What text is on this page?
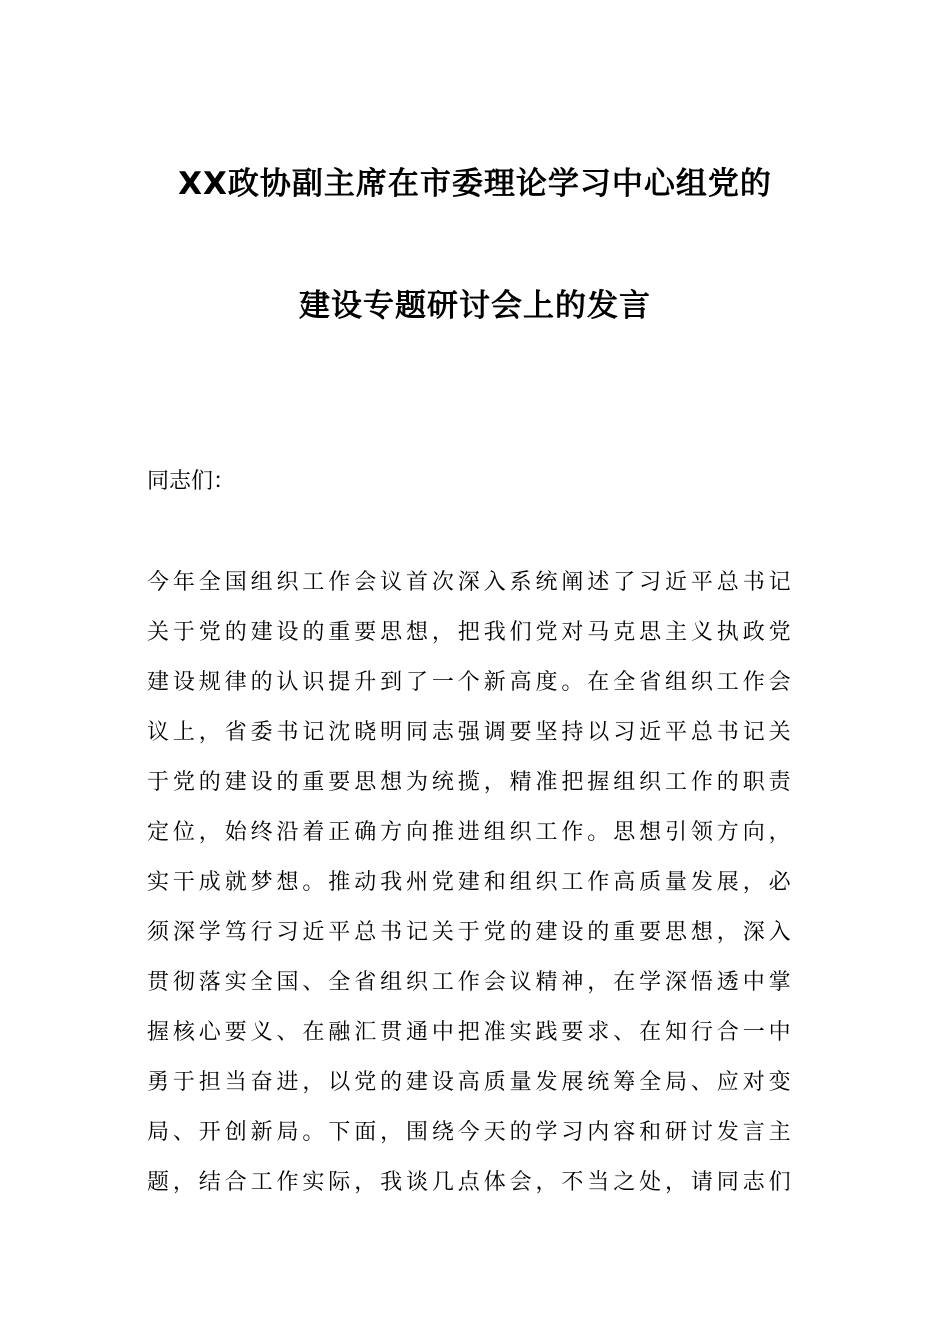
XX政协副主席在市委理论学习中心组党的
建设专题研讨会上的发言
同志们：
今年全国组织工作会议首次深入系统阐述了习近平总书记
关于党的建设的重要思想，把我们党对马克思主义执政党
建设规律的认识提升到了一个新高度。在全省组织工作会
议上，省委书记沈晓明同志强调要坚持以习近平总书记关
于党的建设的重要思想为统揽，精准把握组织工作的职责
定位，始终沿着正确方向推进组织工作。思想引领方向，
实干成就梦想。推动我州党建和组织工作高质量发展，必
须深学笃行习近平总书记关于党的建设的重要思想，深入
贯彻落实全国、全省组织工作会议精神，在学深悟透中掌
握核心要义、在融汇贯通中把准实践要求、在知行合一中
勇于担当奋进，以党的建设高质量发展统筹全局、应对变
局、开创新局。下面，围绕今天的学习内容和研讨发言主
题，结合工作实际，我谈几点体会，不当之处，请同志们
